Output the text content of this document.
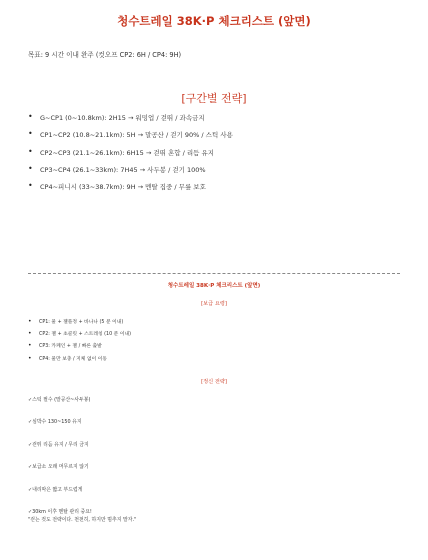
청수트레일 38K·P 체크리스트 (앞면)
목표: 9 시간 이내 완주 (컷오프 CP2: 6H / CP4: 9H)
[구간별 전략]
• G~CP1 (0~10.8km): 2H15 → 워밍업 / 걷뛰 / 과속금지
• CP1~CP2 (10.8~21.1km): 5H → 말공산 / 걷기 90% / 스틱 사용
• CP2~CP3 (21.1~26.1km): 6H15 → 걷뛰 혼합 / 리듬 유지
• CP3~CP4 (26.1~33km): 7H45 → 사두봉 / 걷기 100%
• CP4~피니시 (33~38.7km): 9H → 멘탈 집중 / 무릎 보호
청수트레일 38K·P 체크리스트 (앞면)
[보급 요령]
• CP1: 물 + 젤플정 + 바나나 (5 분 이내)
• CP2: 젤 + 초콜릿 + 스트레칭 (10 분 이내)
• CP3: 카페인 + 젤 / 빠른 출발
• CP4: 물만 보충 / 지체 없이 이동
[정신 전략]
✓스틱 필수 (말공산~사두봉)
✓심박수 130~150 유지
✓걷뛰 리듬 유지 / 무리 금지
✓보급소 오래 머무르지 않기
✓내리막은 짧고 부드럽게
✓30km 이후 멘탈 관리 중요!
"걷는 것도 전략이다. 천천히, 하지만 멈추지 말자."
